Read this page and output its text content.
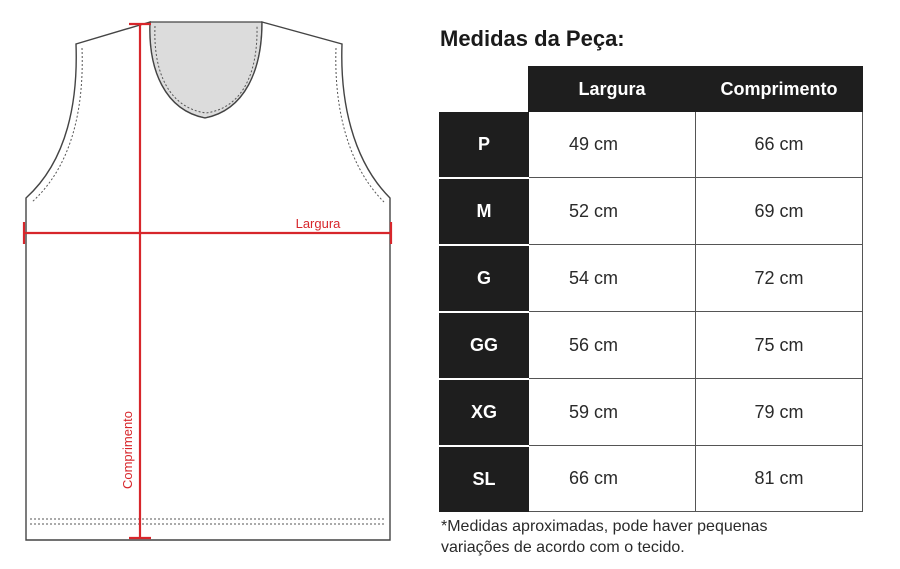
Largura
Comprimento
Medidas da Peça:
	Largura	Comprimento
P	49 cm	66 cm
M	52 cm	69 cm
G	54 cm	72 cm
GG	56 cm	75 cm
XG	59 cm	79 cm
SL	66 cm	81 cm
*Medidas aproximadas, pode haver pequenas
variações de acordo com o tecido.
